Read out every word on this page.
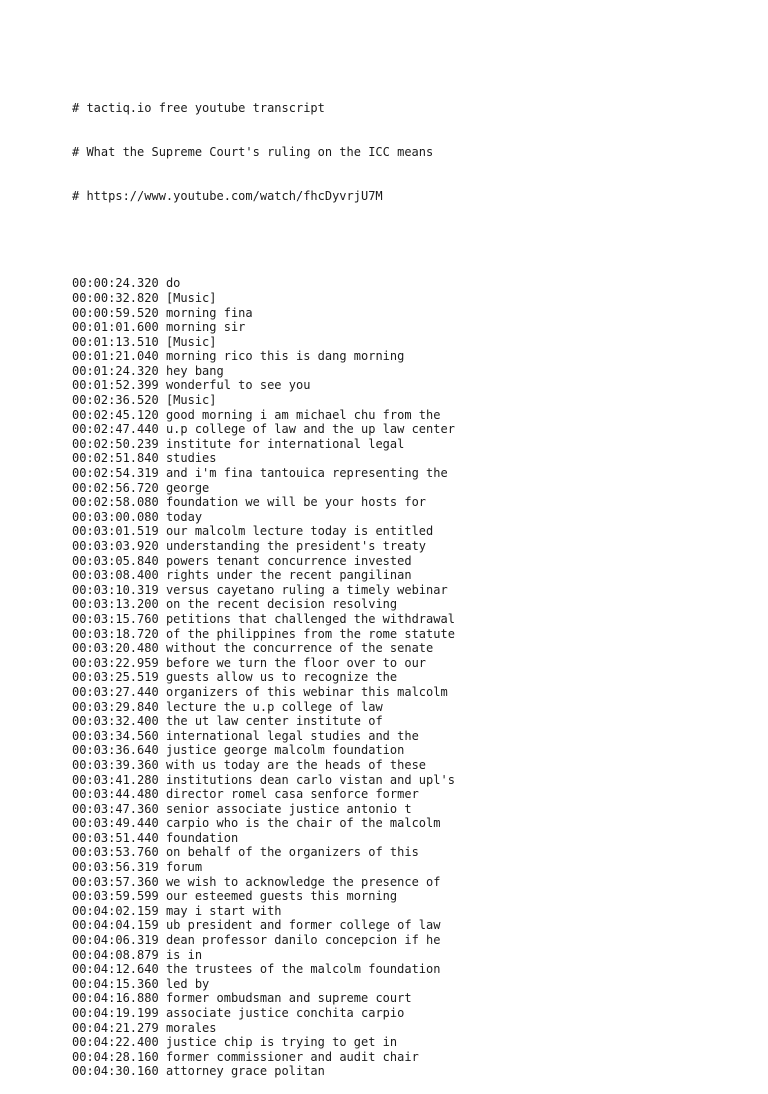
# tactiq.io free youtube transcript

# What the Supreme Court's ruling on the ICC means

# https://www.youtube.com/watch/fhcDyvrjU7M

00:00:24.320 do
00:00:32.820 [Music]
00:00:59.520 morning fina
00:01:01.600 morning sir
00:01:13.510 [Music]
00:01:21.040 morning rico this is dang morning
00:01:24.320 hey bang
00:01:52.399 wonderful to see you
00:02:36.520 [Music]
00:02:45.120 good morning i am michael chu from the
00:02:47.440 u.p college of law and the up law center
00:02:50.239 institute for international legal
00:02:51.840 studies
00:02:54.319 and i'm fina tantouica representing the
00:02:56.720 george
00:02:58.080 foundation we will be your hosts for
00:03:00.080 today
00:03:01.519 our malcolm lecture today is entitled
00:03:03.920 understanding the president's treaty
00:03:05.840 powers tenant concurrence invested
00:03:08.400 rights under the recent pangilinan
00:03:10.319 versus cayetano ruling a timely webinar
00:03:13.200 on the recent decision resolving
00:03:15.760 petitions that challenged the withdrawal
00:03:18.720 of the philippines from the rome statute
00:03:20.480 without the concurrence of the senate
00:03:22.959 before we turn the floor over to our
00:03:25.519 guests allow us to recognize the
00:03:27.440 organizers of this webinar this malcolm
00:03:29.840 lecture the u.p college of law
00:03:32.400 the ut law center institute of
00:03:34.560 international legal studies and the
00:03:36.640 justice george malcolm foundation
00:03:39.360 with us today are the heads of these
00:03:41.280 institutions dean carlo vistan and upl's
00:03:44.480 director romel casa senforce former
00:03:47.360 senior associate justice antonio t
00:03:49.440 carpio who is the chair of the malcolm
00:03:51.440 foundation
00:03:53.760 on behalf of the organizers of this
00:03:56.319 forum
00:03:57.360 we wish to acknowledge the presence of
00:03:59.599 our esteemed guests this morning
00:04:02.159 may i start with
00:04:04.159 ub president and former college of law
00:04:06.319 dean professor danilo concepcion if he
00:04:08.879 is in
00:04:12.640 the trustees of the malcolm foundation
00:04:15.360 led by
00:04:16.880 former ombudsman and supreme court
00:04:19.199 associate justice conchita carpio
00:04:21.279 morales
00:04:22.400 justice chip is trying to get in
00:04:28.160 former commissioner and audit chair
00:04:30.160 attorney grace politan
